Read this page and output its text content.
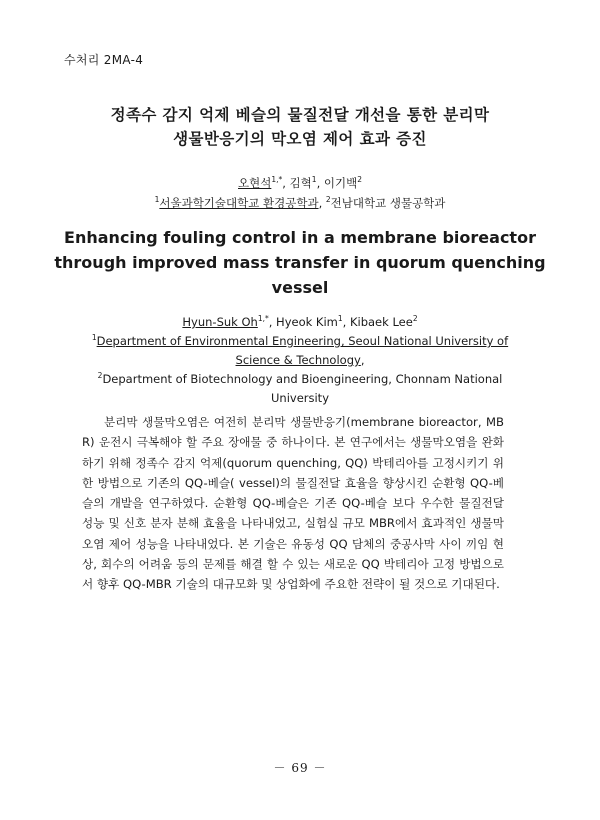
수처리 2MA-4
정족수 감지 억제 베슬의 물질전달 개선을 통한 분리막
생물반응기의 막오염 제어 효과 증진
오현석$^{1,*}$, 김혁$^1$, 이기백$^2$
$^1$서울과학기술대학교 환경공학과, $^2$전남대학교 생물공학과
Enhancing fouling control in a membrane bioreactor
through improved mass transfer in quorum quenching
vessel
Hyun-Suk $Oh^{1,*}$, Hyeok Kim$^1$, Kibaek Lee$^2$
$^1$Department of Environmental Engineering, Seoul National University of
Science & Technology,
$^2$Department of Biotechnology and Bioengineering, Chonnam National
University
분리막 생물막오염은 여전히 분리막 생물반응기(membrane bioreactor, MBR) 운전시 극복해야 할 주요 장애물 중 하나이다. 본 연구에서는 생물막오염을 완화하기 위해 정족수 감지 억제(quorum quenching, QQ) 박테리아를 고정시키기 위한 방법으로 기존의 QQ-베슬( vessel)의 물질전달 효율을 향상시킨 순환형 QQ-베슬의 개발을 연구하였다. 순환형 QQ-베슬은 기존 QQ-베슬 보다 우수한 물질전달 성능 및 신호 분자 분해 효율을 나타내었고, 실험실 규모 MBR에서 효과적인 생물막오염 제어 성능을 나타내었다. 본 기술은 유동성 QQ 담체의 중공사막 사이 끼임 현상, 회수의 어려움 등의 문제를 해결 할 수 있는 새로운 QQ 박테리아 고정 방법으로서 향후 QQ-MBR 기술의 대규모화 및 상업화에 주요한 전략이 될 것으로 기대된다.
－ 69 －
